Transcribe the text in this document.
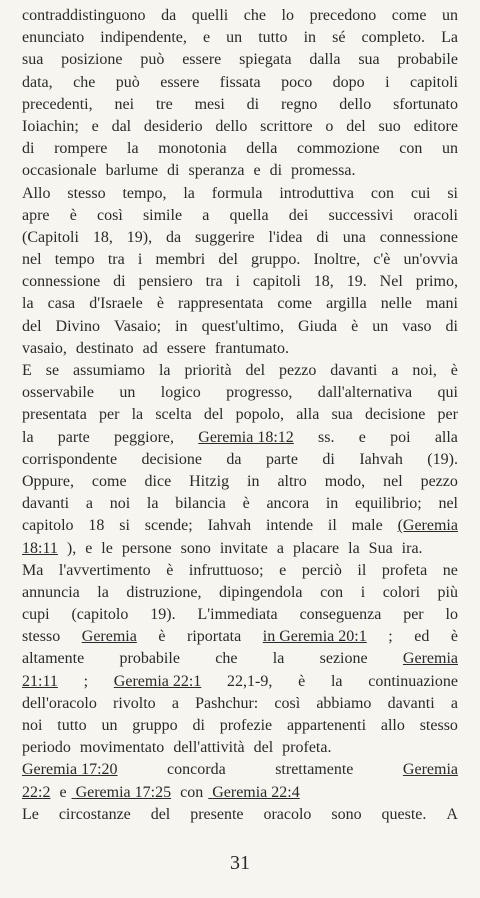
contraddistinguono da quelli che lo precedono come un
enunciato indipendente, e un tutto in sé completo. La
sua posizione può essere spiegata dalla sua probabile
data, che può essere fissata poco dopo i capitoli
precedenti, nei tre mesi di regno dello sfortunato
Ioiachin; e dal desiderio dello scrittore o del suo editore
di rompere la monotonia della commozione con un
occasionale barlume di speranza e di promessa.
Allo stesso tempo, la formula introduttiva con cui si
apre è così simile a quella dei successivi oracoli
(Capitoli 18, 19), da suggerire l'idea di una connessione
nel tempo tra i membri del gruppo. Inoltre, c'è un'ovvia
connessione di pensiero tra i capitoli 18, 19. Nel primo,
la casa d'Israele è rappresentata come argilla nelle mani
del Divino Vasaio; in quest'ultimo, Giuda è un vaso di
vasaio, destinato ad essere frantumato.
E se assumiamo la priorità del pezzo davanti a noi, è
osservabile un logico progresso, dall'alternativa qui
presentata per la scelta del popolo, alla sua decisione per
la parte peggiore, Geremia 18:12 ss. e poi alla
corrispondente decisione da parte di Iahvah (19).
Oppure, come dice Hitzig in altro modo, nel pezzo
davanti a noi la bilancia è ancora in equilibrio; nel
capitolo 18 si scende; Iahvah intende il male (Geremia
18:11 ), e le persone sono invitate a placare la Sua ira.
Ma l'avvertimento è infruttuoso; e perciò il profeta ne
annuncia la distruzione, dipingendola con i colori più
cupi (capitolo 19). L'immediata conseguenza per lo
stesso Geremia è riportata in Geremia 20:1 ; ed è
altamente probabile che la sezione Geremia
21:11 ; Geremia 22:1 22,1-9, è la continuazione
dell'oracolo rivolto a Pashchur: così abbiamo davanti a
noi tutto un gruppo di profezie appartenenti allo stesso
periodo movimentato dell'attività del profeta.
Geremia 17:20	concorda	strettamente	Geremia
22:2 e Geremia 17:25 con Geremia 22:4
Le circostanze del presente oracolo sono queste. A
31
